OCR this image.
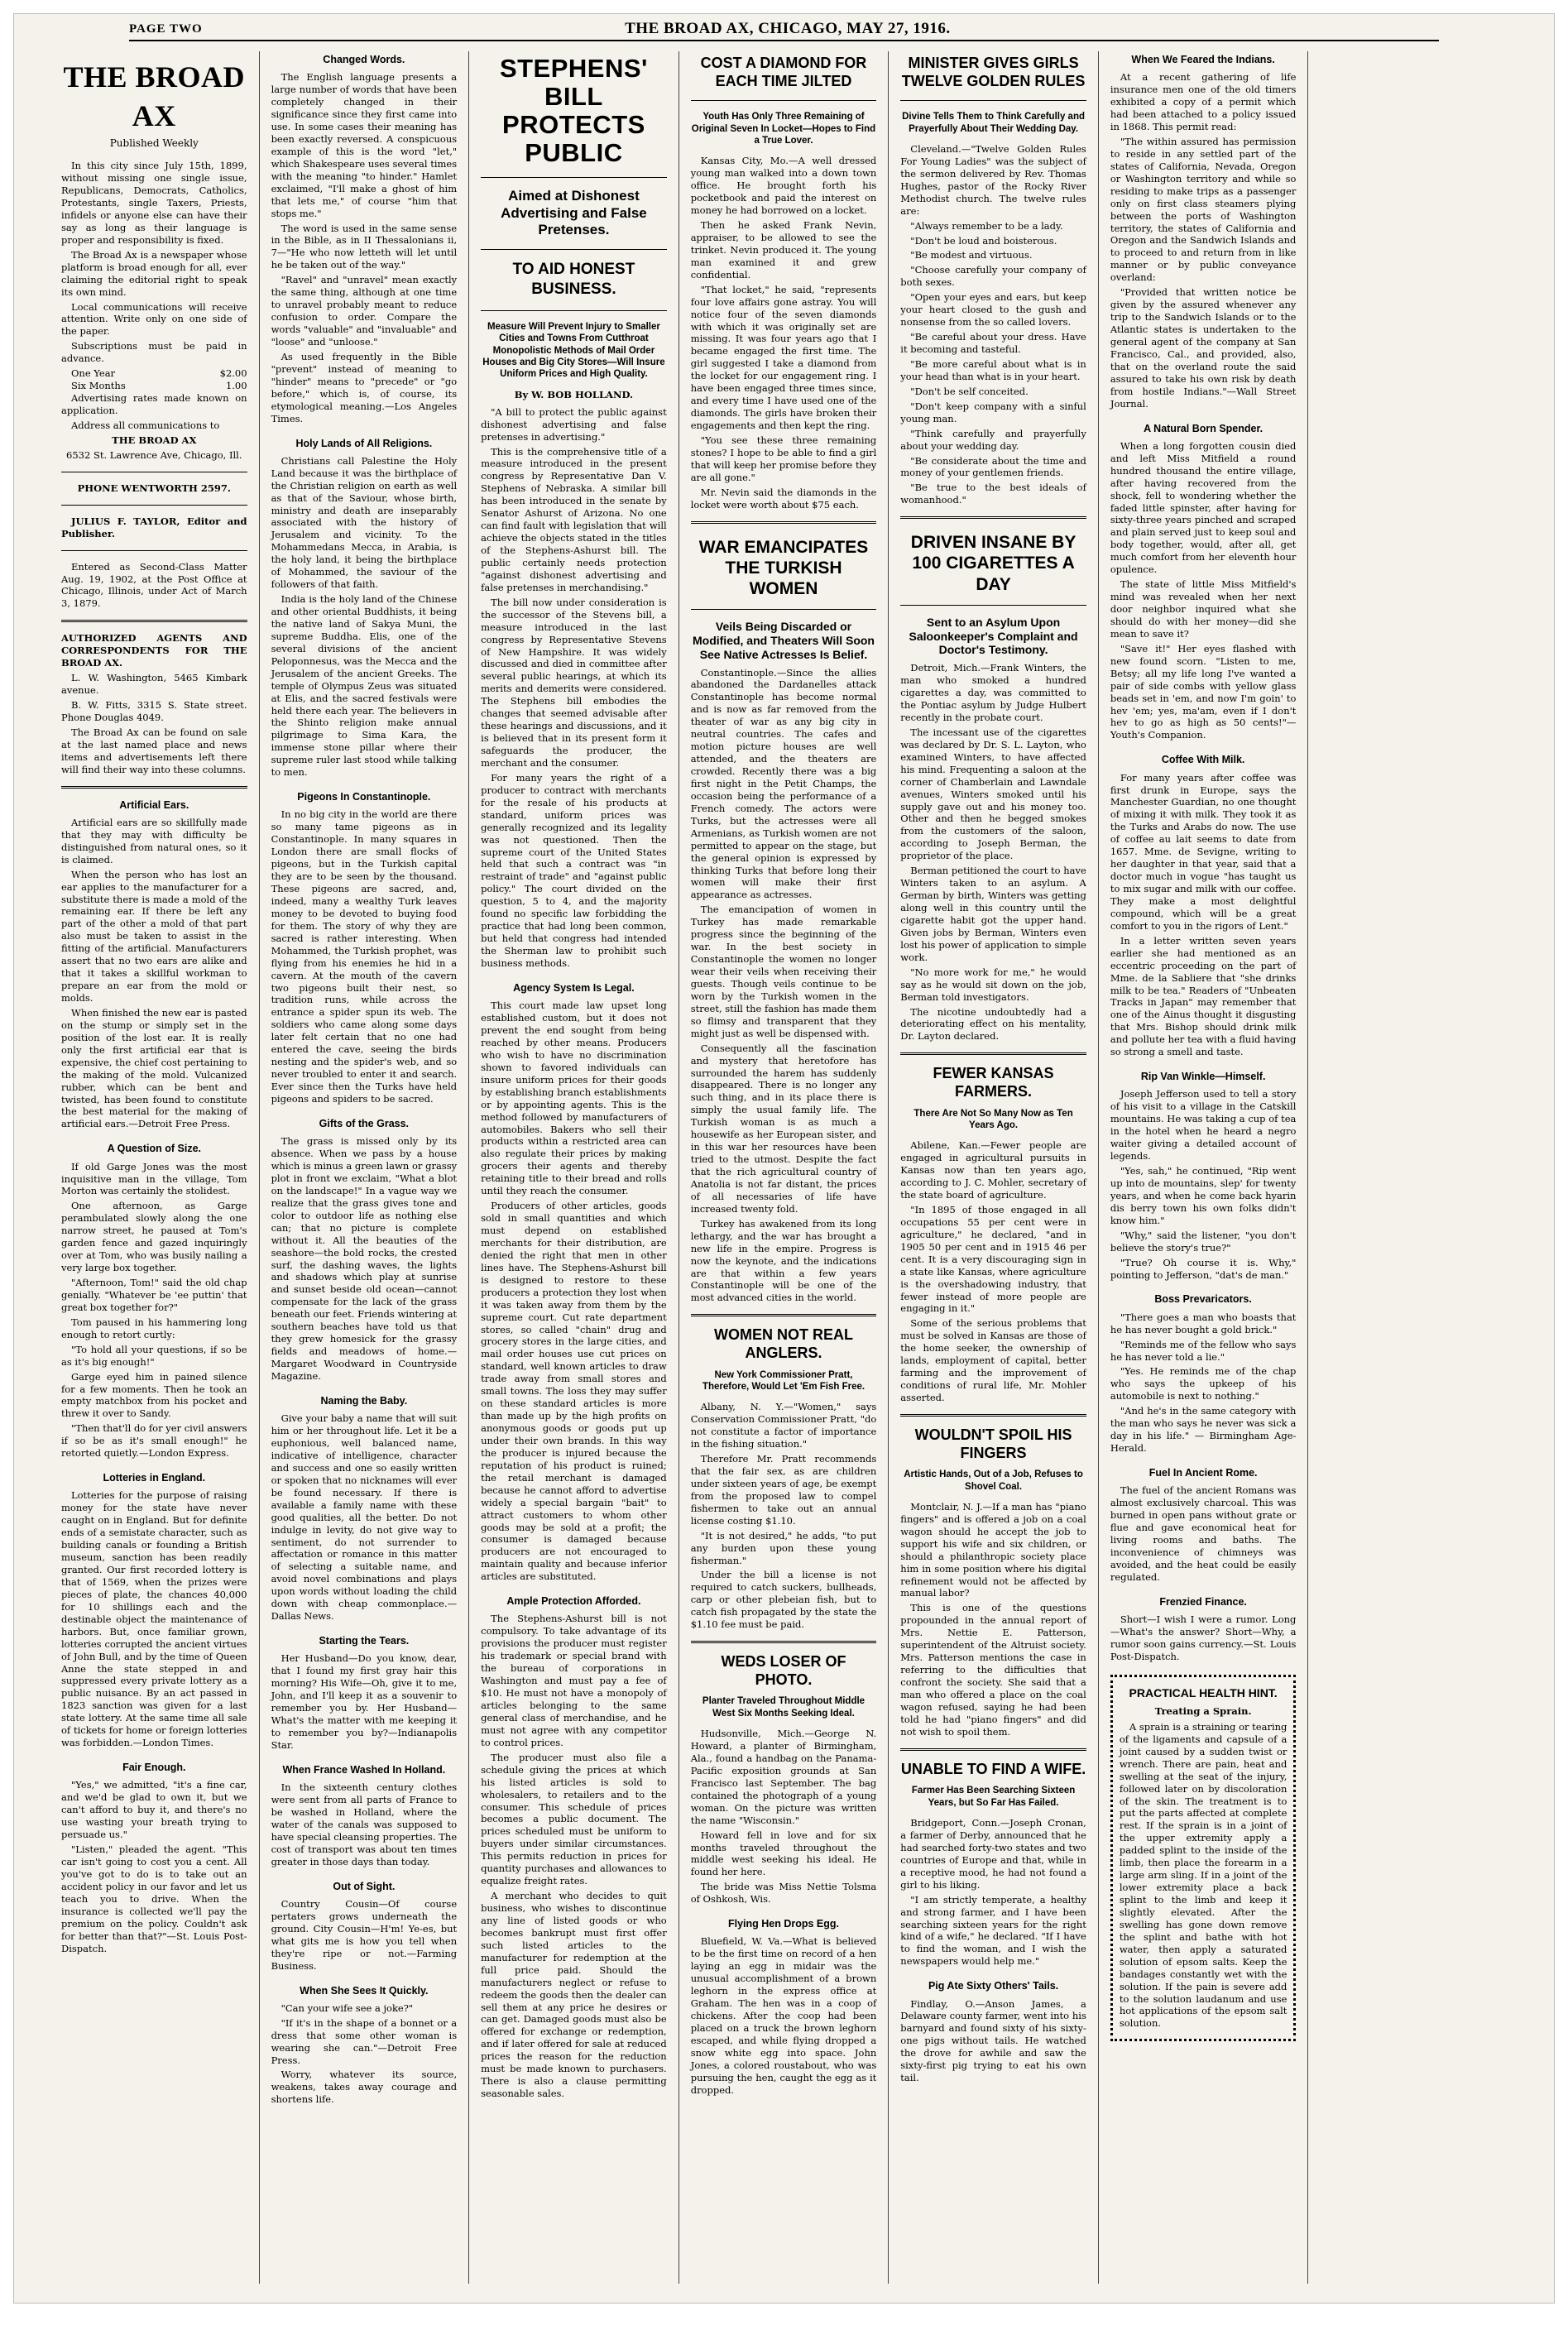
PAGE TWO	THE BROAD AX, CHICAGO, MAY 27, 1916.
THE BROAD AX
Published Weekly

In this city since July 15th, 1899, without missing one single issue, Republicans, Democrats, Catholics, Protestants, single Taxers, Priests, infidels or anyone else can have their say as long as their language is proper and responsibility is fixed.

The Broad Ax is a newspaper whose platform is broad enough for all, ever claiming the editorial right to speak its own mind.

Local communications will receive attention. Write only on one side of the paper.

Subscriptions must be paid in advance.

One Year	$2.00
Six Months	1.00

Advertising rates made known on application.

Address all communications to

THE BROAD AX

6532 St. Lawrence Ave, Chicago, Ill.

PHONE WENTWORTH 2597.

JULIUS F. TAYLOR, Editor and Publisher.

Entered as Second-Class Matter Aug. 19, 1902, at the Post Office at Chicago, Illinois, under Act of March 3, 1879.

AUTHORIZED AGENTS AND CORRESPONDENTS FOR THE BROAD AX.

L. W. Washington, 5465 Kimbark avenue.

B. W. Fitts, 3315 S. State street. Phone Douglas 4049.

The Broad Ax can be found on sale at the last named place and news items and advertisements left there will find their way into these columns.

Artificial Ears.

Artificial ears are so skillfully made that they may with difficulty be distinguished from natural ones, so it is claimed.

When the person who has lost an ear applies to the manufacturer for a substitute there is made a mold of the remaining ear. If there be left any part of the other a mold of that part also must be taken to assist in the fitting of the artificial. Manufacturers assert that no two ears are alike and that it takes a skillful workman to prepare an ear from the mold or molds.

When finished the new ear is pasted on the stump or simply set in the position of the lost ear. It is really only the first artificial ear that is expensive, the chief cost pertaining to the making of the mold. Vulcanized rubber, which can be bent and twisted, has been found to constitute the best material for the making of artificial ears.—Detroit Free Press.

A Question of Size.

If old Garge Jones was the most inquisitive man in the village, Tom Morton was certainly the stolidest.

One afternoon, as Garge perambulated slowly along the one narrow street, he paused at Tom's garden fence and gazed inquiringly over at Tom, who was busily nailing a very large box together.

"Afternoon, Tom!" said the old chap genially. "Whatever be 'ee puttin' that great box together for?"

Tom paused in his hammering long enough to retort curtly:

"To hold all your questions, if so be as it's big enough!"

Garge eyed him in pained silence for a few moments. Then he took an empty matchbox from his pocket and threw it over to Sandy.

"Then that'll do for yer civil answers if so be as it's small enough!" he retorted quietly.—London Express.

Lotteries in England.

Lotteries for the purpose of raising money for the state have never caught on in England. But for definite ends of a semistate character, such as building canals or founding a British museum, sanction has been readily granted. Our first recorded lottery is that of 1569, when the prizes were pieces of plate, the chances 40,000 for 10 shillings each and the destinable object the maintenance of harbors. But, once familiar grown, lotteries corrupted the ancient virtues of John Bull, and by the time of Queen Anne the state stepped in and suppressed every private lottery as a public nuisance. By an act passed in 1823 sanction was given for a last state lottery. At the same time all sale of tickets for home or foreign lotteries was forbidden.—London Times.

Fair Enough.

"Yes," we admitted, "it's a fine car, and we'd be glad to own it, but we can't afford to buy it, and there's no use wasting your breath trying to persuade us."

"Listen," pleaded the agent. "This car isn't going to cost you a cent. All you've got to do is to take out an accident policy in our favor and let us teach you to drive. When the insurance is collected we'll pay the premium on the policy. Couldn't ask for better than that?"—St. Louis Post-Dispatch.

Changed Words.

The English language presents a large number of words that have been completely changed in their significance since they first came into use. In some cases their meaning has been exactly reversed. A conspicuous example of this is the word "let," which Shakespeare uses several times with the meaning "to hinder." Hamlet exclaimed, "I'll make a ghost of him that lets me," of course "him that stops me."

The word is used in the same sense in the Bible, as in II Thessalonians ii, 7—"He who now letteth will let until he be taken out of the way."

"Ravel" and "unravel" mean exactly the same thing, although at one time to unravel probably meant to reduce confusion to order. Compare the words "valuable" and "invaluable" and "loose" and "unloose."

As used frequently in the Bible "prevent" instead of meaning to "hinder" means to "precede" or "go before," which is, of course, its etymological meaning.—Los Angeles Times.

Holy Lands of All Religions.

Christians call Palestine the Holy Land because it was the birthplace of the Christian religion on earth as well as that of the Saviour, whose birth, ministry and death are inseparably associated with the history of Jerusalem and vicinity. To the Mohammedans Mecca, in Arabia, is the holy land, it being the birthplace of Mohammed, the saviour of the followers of that faith.

India is the holy land of the Chinese and other oriental Buddhists, it being the native land of Sakya Muni, the supreme Buddha. Elis, one of the several divisions of the ancient Peloponnesus, was the Mecca and the Jerusalem of the ancient Greeks. The temple of Olympus Zeus was situated at Elis, and the sacred festivals were held there each year. The believers in the Shinto religion make annual pilgrimage to Sima Kara, the immense stone pillar where their supreme ruler last stood while talking to men.

Pigeons In Constantinople.

In no big city in the world are there so many tame pigeons as in Constantinople. In many squares in London there are small flocks of pigeons, but in the Turkish capital they are to be seen by the thousand. These pigeons are sacred, and, indeed, many a wealthy Turk leaves money to be devoted to buying food for them. The story of why they are sacred is rather interesting. When Mohammed, the Turkish prophet, was flying from his enemies he hid in a cavern. At the mouth of the cavern two pigeons built their nest, so tradition runs, while across the entrance a spider spun its web. The soldiers who came along some days later felt certain that no one had entered the cave, seeing the birds nesting and the spider's web, and so never troubled to enter it and search. Ever since then the Turks have held pigeons and spiders to be sacred.

Gifts of the Grass.

The grass is missed only by its absence. When we pass by a house which is minus a green lawn or grassy plot in front we exclaim, "What a blot on the landscape!" In a vague way we realize that the grass gives tone and color to outdoor life as nothing else can; that no picture is complete without it. All the beauties of the seashore—the bold rocks, the crested surf, the dashing waves, the lights and shadows which play at sunrise and sunset beside old ocean—cannot compensate for the lack of the grass beneath our feet. Friends wintering at southern beaches have told us that they grew homesick for the grassy fields and meadows of home.—Margaret Woodward in Countryside Magazine.

Naming the Baby.

Give your baby a name that will suit him or her throughout life. Let it be a euphonious, well balanced name, indicative of intelligence, character and success and one so easily written or spoken that no nicknames will ever be found necessary. If there is available a family name with these good qualities, all the better. Do not indulge in levity, do not give way to sentiment, do not surrender to affectation or romance in this matter of selecting a suitable name, and avoid novel combinations and plays upon words without loading the child down with cheap commonplace.—Dallas News.

Starting the Tears.

Her Husband—Do you know, dear, that I found my first gray hair this morning? His Wife—Oh, give it to me, John, and I'll keep it as a souvenir to remember you by. Her Husband—What's the matter with me keeping it to remember you by?—Indianapolis Star.

When France Washed In Holland.

In the sixteenth century clothes were sent from all parts of France to be washed in Holland, where the water of the canals was supposed to have special cleansing properties. The cost of transport was about ten times greater in those days than today.

Out of Sight.

Country Cousin—Of course pertaters grows underneath the ground. City Cousin—H'm! Ye-es, but what gits me is how you tell when they're ripe or not.—Farming Business.

When She Sees It Quickly.

"Can your wife see a joke?"

"If it's in the shape of a bonnet or a dress that some other woman is wearing she can."—Detroit Free Press.

Worry, whatever its source, weakens, takes away courage and shortens life.

STEPHENS' BILL PROTECTS PUBLIC
Aimed at Dishonest Advertising and False Pretenses.
TO AID HONEST BUSINESS.
Measure Will Prevent Injury to Smaller Cities and Towns From Cutthroat Monopolistic Methods of Mail Order Houses and Big City Stores—Will Insure Uniform Prices and High Quality.
By W. BOB HOLLAND.

"A bill to protect the public against dishonest advertising and false pretenses in advertising."

This is the comprehensive title of a measure introduced in the present congress by Representative Dan V. Stephens of Nebraska. A similar bill has been introduced in the senate by Senator Ashurst of Arizona. No one can find fault with legislation that will achieve the objects stated in the titles of the Stephens-Ashurst bill. The public certainly needs protection "against dishonest advertising and false pretenses in merchandising."

The bill now under consideration is the successor of the Stevens bill, a measure introduced in the last congress by Representative Stevens of New Hampshire. It was widely discussed and died in committee after several public hearings, at which its merits and demerits were considered. The Stephens bill embodies the changes that seemed advisable after these hearings and discussions, and it is believed that in its present form it safeguards the producer, the merchant and the consumer.

For many years the right of a producer to contract with merchants for the resale of his products at standard, uniform prices was generally recognized and its legality was not questioned. Then the supreme court of the United States held that such a contract was "in restraint of trade" and "against public policy." The court divided on the question, 5 to 4, and the majority found no specific law forbidding the practice that had long been common, but held that congress had intended the Sherman law to prohibit such business methods.

Agency System Is Legal.

This court made law upset long established custom, but it does not prevent the end sought from being reached by other means. Producers who wish to have no discrimination shown to favored individuals can insure uniform prices for their goods by establishing branch establishments or by appointing agents. This is the method followed by manufacturers of automobiles. Bakers who sell their products within a restricted area can also regulate their prices by making grocers their agents and thereby retaining title to their bread and rolls until they reach the consumer.

Producers of other articles, goods sold in small quantities and which must depend on established merchants for their distribution, are denied the right that men in other lines have. The Stephens-Ashurst bill is designed to restore to these producers a protection they lost when it was taken away from them by the supreme court. Cut rate department stores, so called "chain" drug and grocery stores in the large cities, and mail order houses use cut prices on standard, well known articles to draw trade away from small stores and small towns. The loss they may suffer on these standard articles is more than made up by the high profits on anonymous goods or goods put up under their own brands. In this way the producer is injured because the reputation of his product is ruined; the retail merchant is damaged because he cannot afford to advertise widely a special bargain "bait" to attract customers to whom other goods may be sold at a profit; the consumer is damaged because producers are not encouraged to maintain quality and because inferior articles are substituted.

Ample Protection Afforded.

The Stephens-Ashurst bill is not compulsory. To take advantage of its provisions the producer must register his trademark or special brand with the bureau of corporations in Washington and must pay a fee of $10. He must not have a monopoly of articles belonging to the same general class of merchandise, and he must not agree with any competitor to control prices.

The producer must also file a schedule giving the prices at which his listed articles is sold to wholesalers, to retailers and to the consumer. This schedule of prices becomes a public document. The prices scheduled must be uniform to buyers under similar circumstances. This permits reduction in prices for quantity purchases and allowances to equalize freight rates.

A merchant who decides to quit business, who wishes to discontinue any line of listed goods or who becomes bankrupt must first offer such listed articles to the manufacturer for redemption at the full price paid. Should the manufacturers neglect or refuse to redeem the goods then the dealer can sell them at any price he desires or can get. Damaged goods must also be offered for exchange or redemption, and if later offered for sale at reduced prices the reason for the reduction must be made known to purchasers. There is also a clause permitting seasonable sales.

COST A DIAMOND FOR EACH TIME JILTED
Youth Has Only Three Remaining of Original Seven In Locket—Hopes to Find a True Lover.

Kansas City, Mo.—A well dressed young man walked into a down town office. He brought forth his pocketbook and paid the interest on money he had borrowed on a locket.

Then he asked Frank Nevin, appraiser, to be allowed to see the trinket. Nevin produced it. The young man examined it and grew confidential.

"That locket," he said, "represents four love affairs gone astray. You will notice four of the seven diamonds with which it was originally set are missing. It was four years ago that I became engaged the first time. The girl suggested I take a diamond from the locket for our engagement ring. I have been engaged three times since, and every time I have used one of the diamonds. The girls have broken their engagements and then kept the ring.

"You see these three remaining stones? I hope to be able to find a girl that will keep her promise before they are all gone."

Mr. Nevin said the diamonds in the locket were worth about $75 each.

WAR EMANCIPATES THE TURKISH WOMEN
Veils Being Discarded or Modified, and Theaters Will Soon See Native Actresses Is Belief.

Constantinople.—Since the allies abandoned the Dardanelles attack Constantinople has become normal and is now as far removed from the theater of war as any big city in neutral countries. The cafes and motion picture houses are well attended, and the theaters are crowded. Recently there was a big first night in the Petit Champs, the occasion being the performance of a French comedy. The actors were Turks, but the actresses were all Armenians, as Turkish women are not permitted to appear on the stage, but the general opinion is expressed by thinking Turks that before long their women will make their first appearance as actresses.

The emancipation of women in Turkey has made remarkable progress since the beginning of the war. In the best society in Constantinople the women no longer wear their veils when receiving their guests. Though veils continue to be worn by the Turkish women in the street, still the fashion has made them so flimsy and transparent that they might just as well be dispensed with.

Consequently all the fascination and mystery that heretofore has surrounded the harem has suddenly disappeared. There is no longer any such thing, and in its place there is simply the usual family life. The Turkish woman is as much a housewife as her European sister, and in this war her resources have been tried to the utmost. Despite the fact that the rich agricultural country of Anatolia is not far distant, the prices of all necessaries of life have increased twenty fold.

Turkey has awakened from its long lethargy, and the war has brought a new life in the empire. Progress is now the keynote, and the indications are that within a few years Constantinople will be one of the most advanced cities in the world.

WOMEN NOT REAL ANGLERS.
New York Commissioner Pratt, Therefore, Would Let 'Em Fish Free.

Albany, N. Y.—"Women," says Conservation Commissioner Pratt, "do not constitute a factor of importance in the fishing situation."

Therefore Mr. Pratt recommends that the fair sex, as are children under sixteen years of age, be exempt from the proposed law to compel fishermen to take out an annual license costing $1.10.

"It is not desired," he adds, "to put any burden upon these young fisherman."

Under the bill a license is not required to catch suckers, bullheads, carp or other plebeian fish, but to catch fish propagated by the state the $1.10 fee must be paid.

WEDS LOSER OF PHOTO.
Planter Traveled Throughout Middle West Six Months Seeking Ideal.

Hudsonville, Mich.—George N. Howard, a planter of Birmingham, Ala., found a handbag on the Panama-Pacific exposition grounds at San Francisco last September. The bag contained the photograph of a young woman. On the picture was written the name "Wisconsin."

Howard fell in love and for six months traveled throughout the middle west seeking his ideal. He found her here.

The bride was Miss Nettie Tolsma of Oshkosh, Wis.

Flying Hen Drops Egg.

Bluefield, W. Va.—What is believed to be the first time on record of a hen laying an egg in midair was the unusual accomplishment of a brown leghorn in the express office at Graham. The hen was in a coop of chickens. After the coop had been placed on a truck the brown leghorn escaped, and while flying dropped a snow white egg into space. John Jones, a colored roustabout, who was pursuing the hen, caught the egg as it dropped.

MINISTER GIVES GIRLS TWELVE GOLDEN RULES
Divine Tells Them to Think Carefully and Prayerfully About Their Wedding Day.

Cleveland.—"Twelve Golden Rules For Young Ladies" was the subject of the sermon delivered by Rev. Thomas Hughes, pastor of the Rocky River Methodist church. The twelve rules are:

"Always remember to be a lady.

"Don't be loud and boisterous.

"Be modest and virtuous.

"Choose carefully your company of both sexes.

"Open your eyes and ears, but keep your heart closed to the gush and nonsense from the so called lovers.

"Be careful about your dress. Have it becoming and tasteful.

"Be more careful about what is in your head than what is in your heart.

"Don't be self conceited.

"Don't keep company with a sinful young man.

"Think carefully and prayerfully about your wedding day.

"Be considerate about the time and money of your gentlemen friends.

"Be true to the best ideals of womanhood."

DRIVEN INSANE BY 100 CIGARETTES A DAY
Sent to an Asylum Upon Saloonkeeper's Complaint and Doctor's Testimony.

Detroit, Mich.—Frank Winters, the man who smoked a hundred cigarettes a day, was committed to the Pontiac asylum by Judge Hulbert recently in the probate court.

The incessant use of the cigarettes was declared by Dr. S. L. Layton, who examined Winters, to have affected his mind. Frequenting a saloon at the corner of Chamberlain and Lawndale avenues, Winters smoked until his supply gave out and his money too. Other and then he begged smokes from the customers of the saloon, according to Joseph Berman, the proprietor of the place.

Berman petitioned the court to have Winters taken to an asylum. A German by birth, Winters was getting along well in this country until the cigarette habit got the upper hand. Given jobs by Berman, Winters even lost his power of application to simple work.

"No more work for me," he would say as he would sit down on the job, Berman told investigators.

The nicotine undoubtedly had a deteriorating effect on his mentality, Dr. Layton declared.

FEWER KANSAS FARMERS.
There Are Not So Many Now as Ten Years Ago.

Abilene, Kan.—Fewer people are engaged in agricultural pursuits in Kansas now than ten years ago, according to J. C. Mohler, secretary of the state board of agriculture.

"In 1895 of those engaged in all occupations 55 per cent were in agriculture," he declared, "and in 1905 50 per cent and in 1915 46 per cent. It is a very discouraging sign in a state like Kansas, where agriculture is the overshadowing industry, that fewer instead of more people are engaging in it."

Some of the serious problems that must be solved in Kansas are those of the home seeker, the ownership of lands, employment of capital, better farming and the improvement of conditions of rural life, Mr. Mohler asserted.

WOULDN'T SPOIL HIS FINGERS
Artistic Hands, Out of a Job, Refuses to Shovel Coal.

Montclair, N. J.—If a man has "piano fingers" and is offered a job on a coal wagon should he accept the job to support his wife and six children, or should a philanthropic society place him in some position where his digital refinement would not be affected by manual labor?

This is one of the questions propounded in the annual report of Mrs. Nettie E. Patterson, superintendent of the Altruist society. Mrs. Patterson mentions the case in referring to the difficulties that confront the society. She said that a man who offered a place on the coal wagon refused, saying he had been told he had "piano fingers" and did not wish to spoil them.

UNABLE TO FIND A WIFE.
Farmer Has Been Searching Sixteen Years, but So Far Has Failed.

Bridgeport, Conn.—Joseph Cronan, a farmer of Derby, announced that he had searched forty-two states and two countries of Europe and that, while in a receptive mood, he had not found a girl to his liking.

"I am strictly temperate, a healthy and strong farmer, and I have been searching sixteen years for the right kind of a wife," he declared. "If I have to find the woman, and I wish the newspapers would help me."

Pig Ate Sixty Others' Tails.

Findlay, O.—Anson James, a Delaware county farmer, went into his barnyard and found sixty of his sixty-one pigs without tails. He watched the drove for awhile and saw the sixty-first pig trying to eat his own tail.

When We Feared the Indians.

At a recent gathering of life insurance men one of the old timers exhibited a copy of a permit which had been attached to a policy issued in 1868. This permit read:

"The within assured has permission to reside in any settled part of the states of California, Nevada, Oregon or Washington territory and while so residing to make trips as a passenger only on first class steamers plying between the ports of Washington territory, the states of California and Oregon and the Sandwich Islands and to proceed to and return from in like manner or by public conveyance overland:

"Provided that written notice be given by the assured whenever any trip to the Sandwich Islands or to the Atlantic states is undertaken to the general agent of the company at San Francisco, Cal., and provided, also, that on the overland route the said assured to take his own risk by death from hostile Indians."—Wall Street Journal.

A Natural Born Spender.

When a long forgotten cousin died and left Miss Mitfield a round hundred thousand the entire village, after having recovered from the shock, fell to wondering whether the faded little spinster, after having for sixty-three years pinched and scraped and plain served just to keep soul and body together, would, after all, get much comfort from her eleventh hour opulence.

The state of little Miss Mitfield's mind was revealed when her next door neighbor inquired what she should do with her money—did she mean to save it?

"Save it!" Her eyes flashed with new found scorn. "Listen to me, Betsy; all my life long I've wanted a pair of side combs with yellow glass beads set in 'em, and now I'm goin' to hev 'em; yes, ma'am, even if I don't hev to go as high as 50 cents!"—Youth's Companion.

Coffee With Milk.

For many years after coffee was first drunk in Europe, says the Manchester Guardian, no one thought of mixing it with milk. They took it as the Turks and Arabs do now. The use of coffee au lait seems to date from 1657. Mme. de Sevigne, writing to her daughter in that year, said that a doctor much in vogue "has taught us to mix sugar and milk with our coffee. They make a most delightful compound, which will be a great comfort to you in the rigors of Lent."

In a letter written seven years earlier she had mentioned as an eccentric proceeding on the part of Mme. de la Sabliere that "she drinks milk to be tea." Readers of "Unbeaten Tracks in Japan" may remember that one of the Ainus thought it disgusting that Mrs. Bishop should drink milk and pollute her tea with a fluid having so strong a smell and taste.

Rip Van Winkle—Himself.

Joseph Jefferson used to tell a story of his visit to a village in the Catskill mountains. He was taking a cup of tea in the hotel when he heard a negro waiter giving a detailed account of legends.

"Yes, sah," he continued, "Rip went up into de mountains, slep' for twenty years, and when he come back hyarin dis berry town his own folks didn't know him."

"Why," said the listener, "you don't believe the story's true?"

"True? Oh course it is. Why," pointing to Jefferson, "dat's de man."

Boss Prevaricators.

"There goes a man who boasts that he has never bought a gold brick."

"Reminds me of the fellow who says he has never told a lie."

"Yes. He reminds me of the chap who says the upkeep of his automobile is next to nothing."

"And he's in the same category with the man who says he never was sick a day in his life." — Birmingham Age-Herald.

Fuel In Ancient Rome.

The fuel of the ancient Romans was almost exclusively charcoal. This was burned in open pans without grate or flue and gave economical heat for living rooms and baths. The inconvenience of chimneys was avoided, and the heat could be easily regulated.

Frenzied Finance.

Short—I wish I were a rumor. Long—What's the answer? Short—Why, a rumor soon gains currency.—St. Louis Post-Dispatch.

PRACTICAL HEALTH HINT.
Treating a Sprain.

A sprain is a straining or tearing of the ligaments and capsule of a joint caused by a sudden twist or wrench. There are pain, heat and swelling at the seat of the injury, followed later on by discoloration of the skin. The treatment is to put the parts affected at complete rest. If the sprain is in a joint of the upper extremity apply a padded splint to the inside of the limb, then place the forearm in a large arm sling. If in a joint of the lower extremity place a back splint to the limb and keep it slightly elevated. After the swelling has gone down remove the splint and bathe with hot water, then apply a saturated solution of epsom salts. Keep the bandages constantly wet with the solution. If the pain is severe add to the solution laudanum and use hot applications of the epsom salt solution.
